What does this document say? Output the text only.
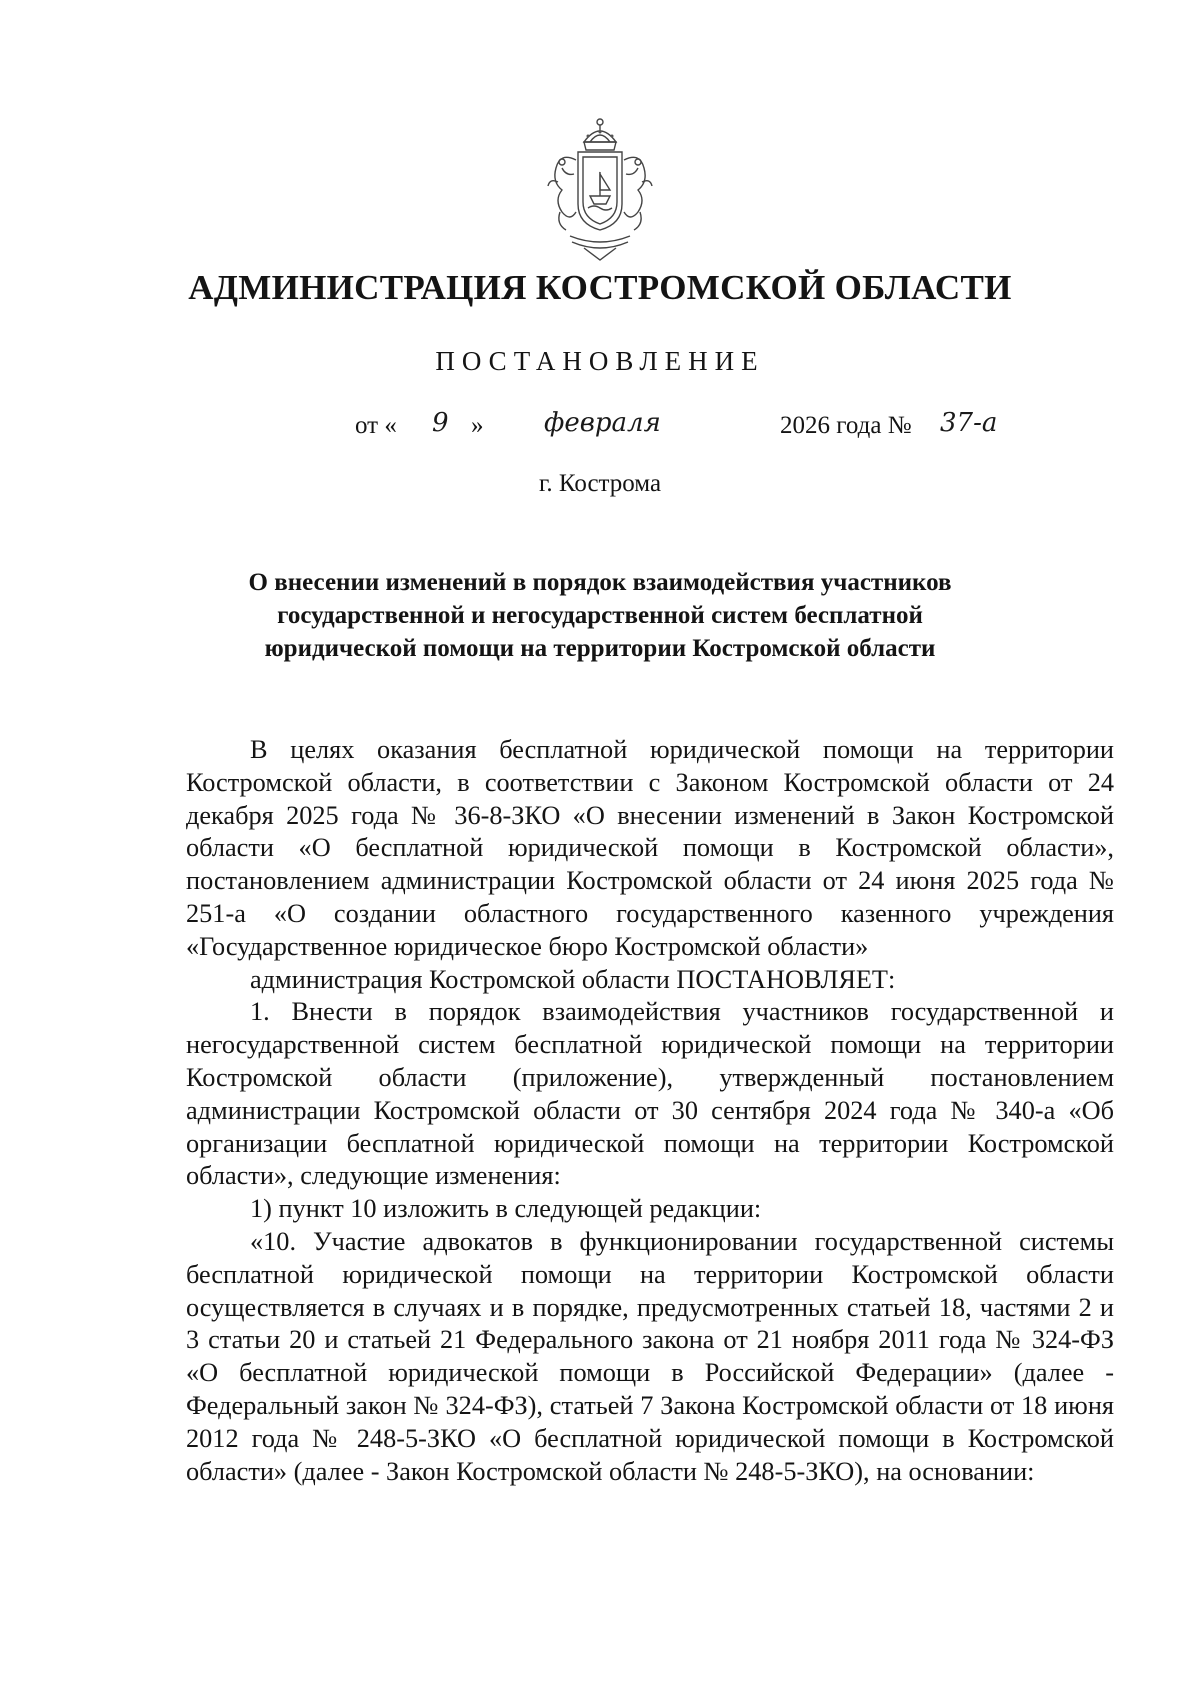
АДМИНИСТРАЦИЯ КОСТРОМСКОЙ ОБЛАСТИ
ПОСТАНОВЛЕНИЕ
от « 9 » февраля	2026 года № 37-а
г. Кострома
О внесении изменений в порядок взаимодействия участников
государственной и негосударственной систем бесплатной
юридической помощи на территории Костромской области

В целях оказания бесплатной юридической помощи на территории Костромской области, в соответствии с Законом Костромской области от 24 декабря 2025 года № 36-8-ЗКО «О внесении изменений в Закон Костромской области «О бесплатной юридической помощи в Костромской области», постановлением администрации Костромской области от 24 июня 2025 года № 251-а «О создании областного государственного казенного учреждения «Государственное юридическое бюро Костромской области»

администрация Костромской области ПОСТАНОВЛЯЕТ:

1. Внести в порядок взаимодействия участников государственной и негосударственной систем бесплатной юридической помощи на территории Костромской области (приложение), утвержденный постановлением администрации Костромской области от 30 сентября 2024 года № 340-а «Об организации бесплатной юридической помощи на территории Костромской области», следующие изменения:

1) пункт 10 изложить в следующей редакции:

«10. Участие адвокатов в функционировании государственной системы бесплатной юридической помощи на территории Костромской области осуществляется в случаях и в порядке, предусмотренных статьей 18, частями 2 и 3 статьи 20 и статьей 21 Федерального закона от 21 ноября 2011 года № 324-ФЗ «О бесплатной юридической помощи в Российской Федерации» (далее - Федеральный закон № 324-ФЗ), статьей 7 Закона Костромской области от 18 июня 2012 года № 248-5-ЗКО «О бесплатной юридической помощи в Костромской области» (далее - Закон Костромской области № 248-5-ЗКО), на основании:
